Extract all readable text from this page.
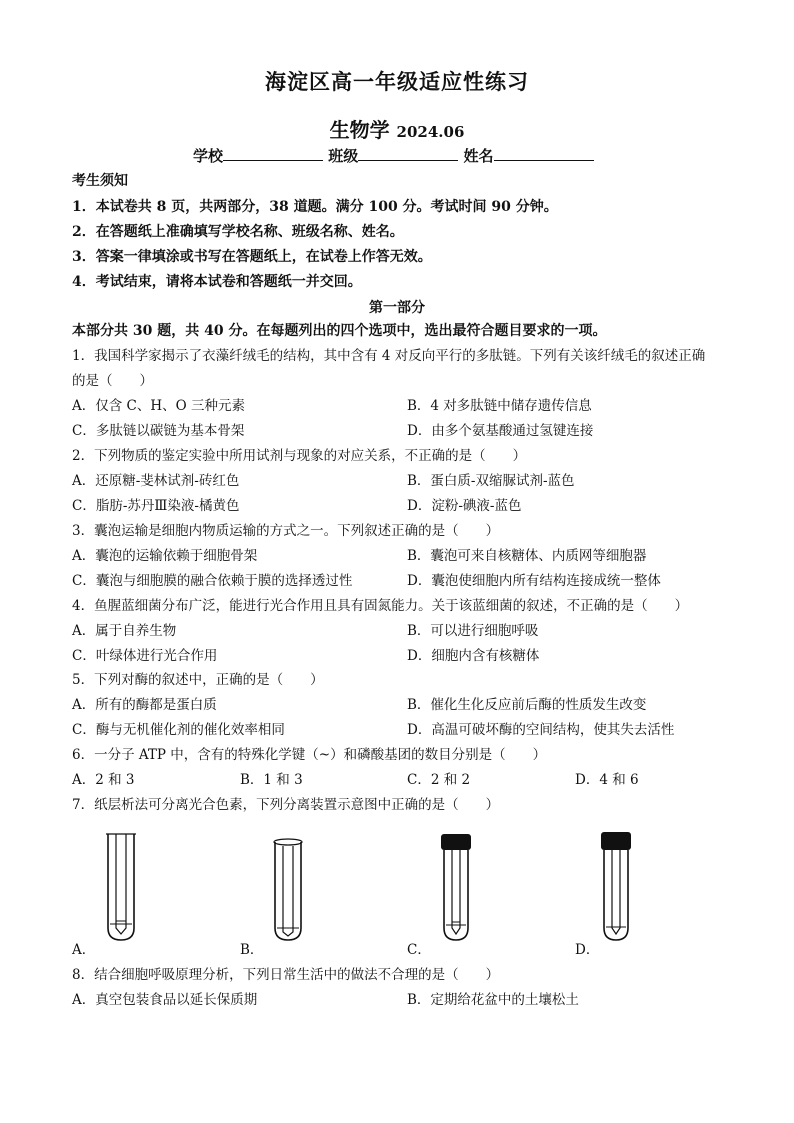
海淀区高一年级适应性练习
生物学 2024.06
学校	班级	姓名
考生须知
1．本试卷共 8 页，共两部分，38 道题。满分 100 分。考试时间 90 分钟。
2．在答题纸上准确填写学校名称、班级名称、姓名。
3．答案一律填涂或书写在答题纸上，在试卷上作答无效。
4．考试结束，请将本试卷和答题纸一并交回。
第一部分
本部分共 30 题，共 40 分。在每题列出的四个选项中，选出最符合题目要求的一项。
1．我国科学家揭示了衣藻纤绒毛的结构，其中含有 4 对反向平行的多肽链。下列有关该纤绒毛的叙述正确
的是（　　）
A．仅含 C、H、O 三种元素	B．4 对多肽链中储存遗传信息
C．多肽链以碳链为基本骨架	D．由多个氨基酸通过氢键连接
2．下列物质的鉴定实验中所用试剂与现象的对应关系，不正确的是（　　）
A．还原糖-斐林试剂-砖红色	B．蛋白质-双缩脲试剂-蓝色
C．脂肪-苏丹Ⅲ染液-橘黄色	D．淀粉-碘液-蓝色
3．囊泡运输是细胞内物质运输的方式之一。下列叙述正确的是（　　）
A．囊泡的运输依赖于细胞骨架	B．囊泡可来自核糖体、内质网等细胞器
C．囊泡与细胞膜的融合依赖于膜的选择透过性	D．囊泡使细胞内所有结构连接成统一整体
4．鱼腥蓝细菌分布广泛，能进行光合作用且具有固氮能力。关于该蓝细菌的叙述，不正确的是（　　）
A．属于自养生物	B．可以进行细胞呼吸
C．叶绿体进行光合作用	D．细胞内含有核糖体
5．下列对酶的叙述中，正确的是（　　）
A．所有的酶都是蛋白质	B．催化生化反应前后酶的性质发生改变
C．酶与无机催化剂的催化效率相同	D．高温可破坏酶的空间结构，使其失去活性
6．一分子 ATP 中，含有的特殊化学键（~）和磷酸基团的数目分别是（　　）
A．2 和 3	B．1 和 3	C．2 和 2	D．4 和 6
7．纸层析法可分离光合色素，下列分离装置示意图中正确的是（　　）
A．	B．	C．	D．
8．结合细胞呼吸原理分析，下列日常生活中的做法不合理的是（　　）
A．真空包装食品以延长保质期	B．定期给花盆中的土壤松土
